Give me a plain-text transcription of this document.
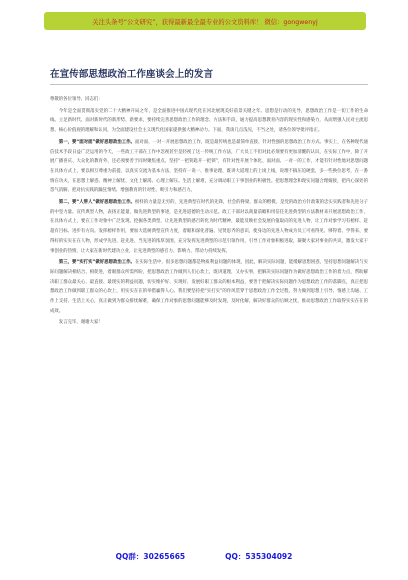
关注头条号“公文研究”，获得最新最全最专业的公文资料库！ 微信：gongwenyj
在宣传部思想政治工作座谈会上的发言

尊敬的各位领导、同志们：

今年是全面贯彻落实党的二十大精神开局之年，是全面推进中国式现代化在河北展现美好前景关键之年。思想是行动的先导，思想政治工作是一切工作的生命线。立足新时代、面对新时代的新形势、新要求，要持续完善思想政治工作的理念、方法和手段，通力提高思想教育内容的现实性和感染力，从而增强人民对主流思想、核心价值观的理解和认同，为全面建设社会主义现代化国家提供强大精神动力。下面，我谈几点浅见，不当之处，请各位领导批评指正。

第一，要“面对面”做好思想政治工作。面对面、一对一开展思想政治工作，既是最传统也是最简单直接、针对性强的思想政治工作方式。事实上，在各种现代通信技术手段日益广泛运用的今天，一些政工干部在工作中忽视甚至是轻视了这一传统工作方法，广大员工不但对此必须要有更加清醒的认识，在实际工作中，除了开展广播喜庆、大众化的教育外，还必须要善于同时聚焦重点、坚持“一把钥匙开一把锁”，有针对性开展个体化、面对面、一对一的工作，才能有针对性地对思想问题在具体方式上，要以相互尊重为前提，以真实交流为基本方法，坚持有一说一、推事论理，既讲大道理上的上岗上线，说理不搞压迫硬套，多一些换位思考，在一番情在功夫，在思想上解惑、精神上解忧、文化上解渴、心理上解压、生活上解难，充分调动职工干事创业的积极性。把思想理念和现实问题合理嫁接，把内心深处的怨气消解、把对抗实践的躁狂情绪、增强教育的针对性、吸引力和感召力。

第二，要“人带人”做好思想政治工作。榜样的力量是无穷的，先进典型在时代的先锋，社会的脊梁、群众的楷模，是党的政治方针政策的忠实实践者和先进分子的中坚力量。宣传典型人物，表扬正能量，做先进典型的事迹，是先进道德的生动示范。政工干部对以商量前瞻和用信任先进典型的方法教材来开展思想政治工作，在具体方式上，要在工作对象中广泛发现、挖掘各类典型，让先进典型的感召转化为时代精神，最能反映社会发展价值取向的先进人物，让工作对象学习有榜样、赶超有目标、进步有方向。发挥榜样作用，要加大选树典型宣传力度，着眼和深化普遍、见贤思齐的意识，使身边的先进人物成为员工可看得见、够得着、学得来、要得好的实实在在人物，形成学先进、赶先进、当先进的浓厚氛围，充分发挥先进典型的示范引领作用，引导工作对象积极进取，凝聚大家对事业的共识，激发大家干事创业的热情，让大家在新时代建功立业，让先进典型的感召力、影响力、带动力持续发挥。

第三，要“实打实”做好思想政治工作。在实际生活中，很多思想问题都是物质利益问题的体现，因此，解决实际问题，能缓解思想困惑，坚持思想问题解决与实际问题解决相结合、相促进，着眼群众所需所盼，把思想政治工作做到人们心坎上，既讲道理，又办实事，把解决实际问题作为做好思想政治工作的着力点，帮助解决职工群众最关心、最直接、最现实的利益问题，切实维护好、实现好、发展好职工群众的根本利益，要善于把解决实际问题作为思想政治工作的落脚点，真正把思想政治工作做到职工群众的心坎上，用实实在在的举措赢得人心。我们要坚持把“实打实”的作风贯穿于思想政治工作全过程，努力做到思想上引导、情感上沟通、工作上支持、生活上关心，真正做到为群众排忧解难，确保工作对象的思想问题能够及时发现、及时化解，解决好群众的后顾之忧，推动思想政治工作取得实实在在的成效。

发言完毕，谢谢大家！

QQ群：30265665	QQ：535304092
